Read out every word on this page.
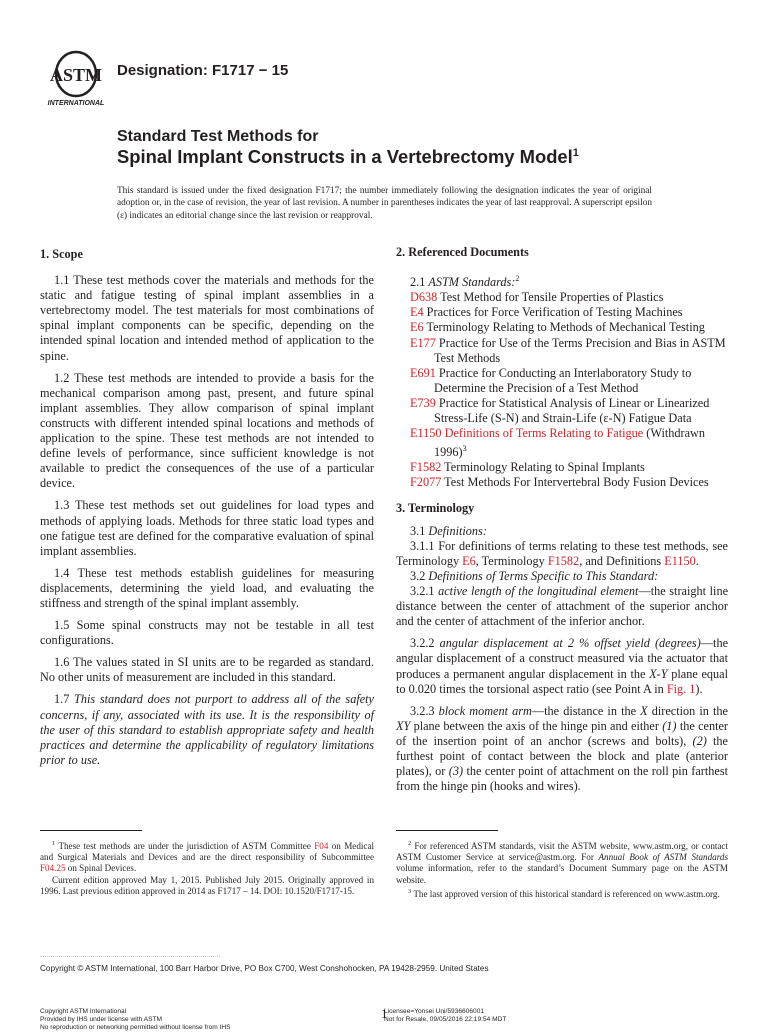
ASTM
INTERNATIONAL
Designation: F1717 − 15
Standard Test Methods for
Spinal Implant Constructs in a Vertebrectomy Model$^1$
This standard is issued under the fixed designation F1717; the number immediately following the designation indicates the year of original adoption or, in the case of revision, the year of last revision. A number in parentheses indicates the year of last reapproval. A superscript epsilon (ε) indicates an editorial change since the last revision or reapproval.
1. Scope

1.1 These test methods cover the materials and methods for the static and fatigue testing of spinal implant assemblies in a vertebrectomy model. The test materials for most combinations of spinal implant components can be specific, depending on the intended spinal location and intended method of application to the spine.

1.2 These test methods are intended to provide a basis for the mechanical comparison among past, present, and future spinal implant assemblies. They allow comparison of spinal implant constructs with different intended spinal locations and methods of application to the spine. These test methods are not intended to define levels of performance, since sufficient knowledge is not available to predict the consequences of the use of a particular device.

1.3 These test methods set out guidelines for load types and methods of applying loads. Methods for three static load types and one fatigue test are defined for the comparative evaluation of spinal implant assemblies.

1.4 These test methods establish guidelines for measuring displacements, determining the yield load, and evaluating the stiffness and strength of the spinal implant assembly.

1.5 Some spinal constructs may not be testable in all test configurations.

1.6 The values stated in SI units are to be regarded as standard. No other units of measurement are included in this standard.

1.7 This standard does not purport to address all of the safety concerns, if any, associated with its use. It is the responsibility of the user of this standard to establish appropriate safety and health practices and determine the applicability of regulatory limitations prior to use.

2. Referenced Documents
2.1 ASTM Standards:$^2$
D638 Test Method for Tensile Properties of Plastics
E4 Practices for Force Verification of Testing Machines
E6 Terminology Relating to Methods of Mechanical Testing
E177 Practice for Use of the Terms Precision and Bias in ASTM Test Methods
E691 Practice for Conducting an Interlaboratory Study to Determine the Precision of a Test Method
E739 Practice for Statistical Analysis of Linear or Linearized Stress-Life (S-N) and Strain-Life (ε-N) Fatigue Data
E1150 Definitions of Terms Relating to Fatigue (Withdrawn 1996)$^3$
F1582 Terminology Relating to Spinal Implants
F2077 Test Methods For Intervertebral Body Fusion Devices
3. Terminology
3.1 Definitions:

3.1.1 For definitions of terms relating to these test methods, see Terminology E6, Terminology F1582, and Definitions E1150.

3.2 Definitions of Terms Specific to This Standard:

3.2.1 active length of the longitudinal element—the straight line distance between the center of attachment of the superior anchor and the center of attachment of the inferior anchor.

3.2.2 angular displacement at 2 % offset yield (degrees)—the angular displacement of a construct measured via the actuator that produces a permanent angular displacement in the X-Y plane equal to 0.020 times the torsional aspect ratio (see Point A in Fig. 1).

3.2.3 block moment arm—the distance in the X direction in the XY plane between the axis of the hinge pin and either (1) the center of the insertion point of an anchor (screws and bolts), (2) the furthest point of contact between the block and plate (anterior plates), or (3) the center point of attachment on the roll pin farthest from the hinge pin (hooks and wires).

$^1$ These test methods are under the jurisdiction of ASTM Committee F04 on Medical and Surgical Materials and Devices and are the direct responsibility of Subcommittee F04.25 on Spinal Devices.

Current edition approved May 1, 2015. Published July 2015. Originally approved in 1996. Last previous edition approved in 2014 as F1717 – 14. DOI: 10.1520/F1717-15.

$^2$ For referenced ASTM standards, visit the ASTM website, www.astm.org, or contact ASTM Customer Service at service@astm.org. For Annual Book of ASTM Standards volume information, refer to the standard’s Document Summary page on the ASTM website.

$^3$ The last approved version of this historical standard is referenced on www.astm.org.

Copyright © ASTM International, 100 Barr Harbor Drive, PO Box C700, West Conshohocken, PA 19428-2959. United States
1
Copyright ASTM International
Provided by IHS under license with ASTM
No reproduction or networking permitted without license from IHS
Licensee=Yonsei Uni/5936606001
Not for Resale, 09/05/2016 22:19:54 MDT
